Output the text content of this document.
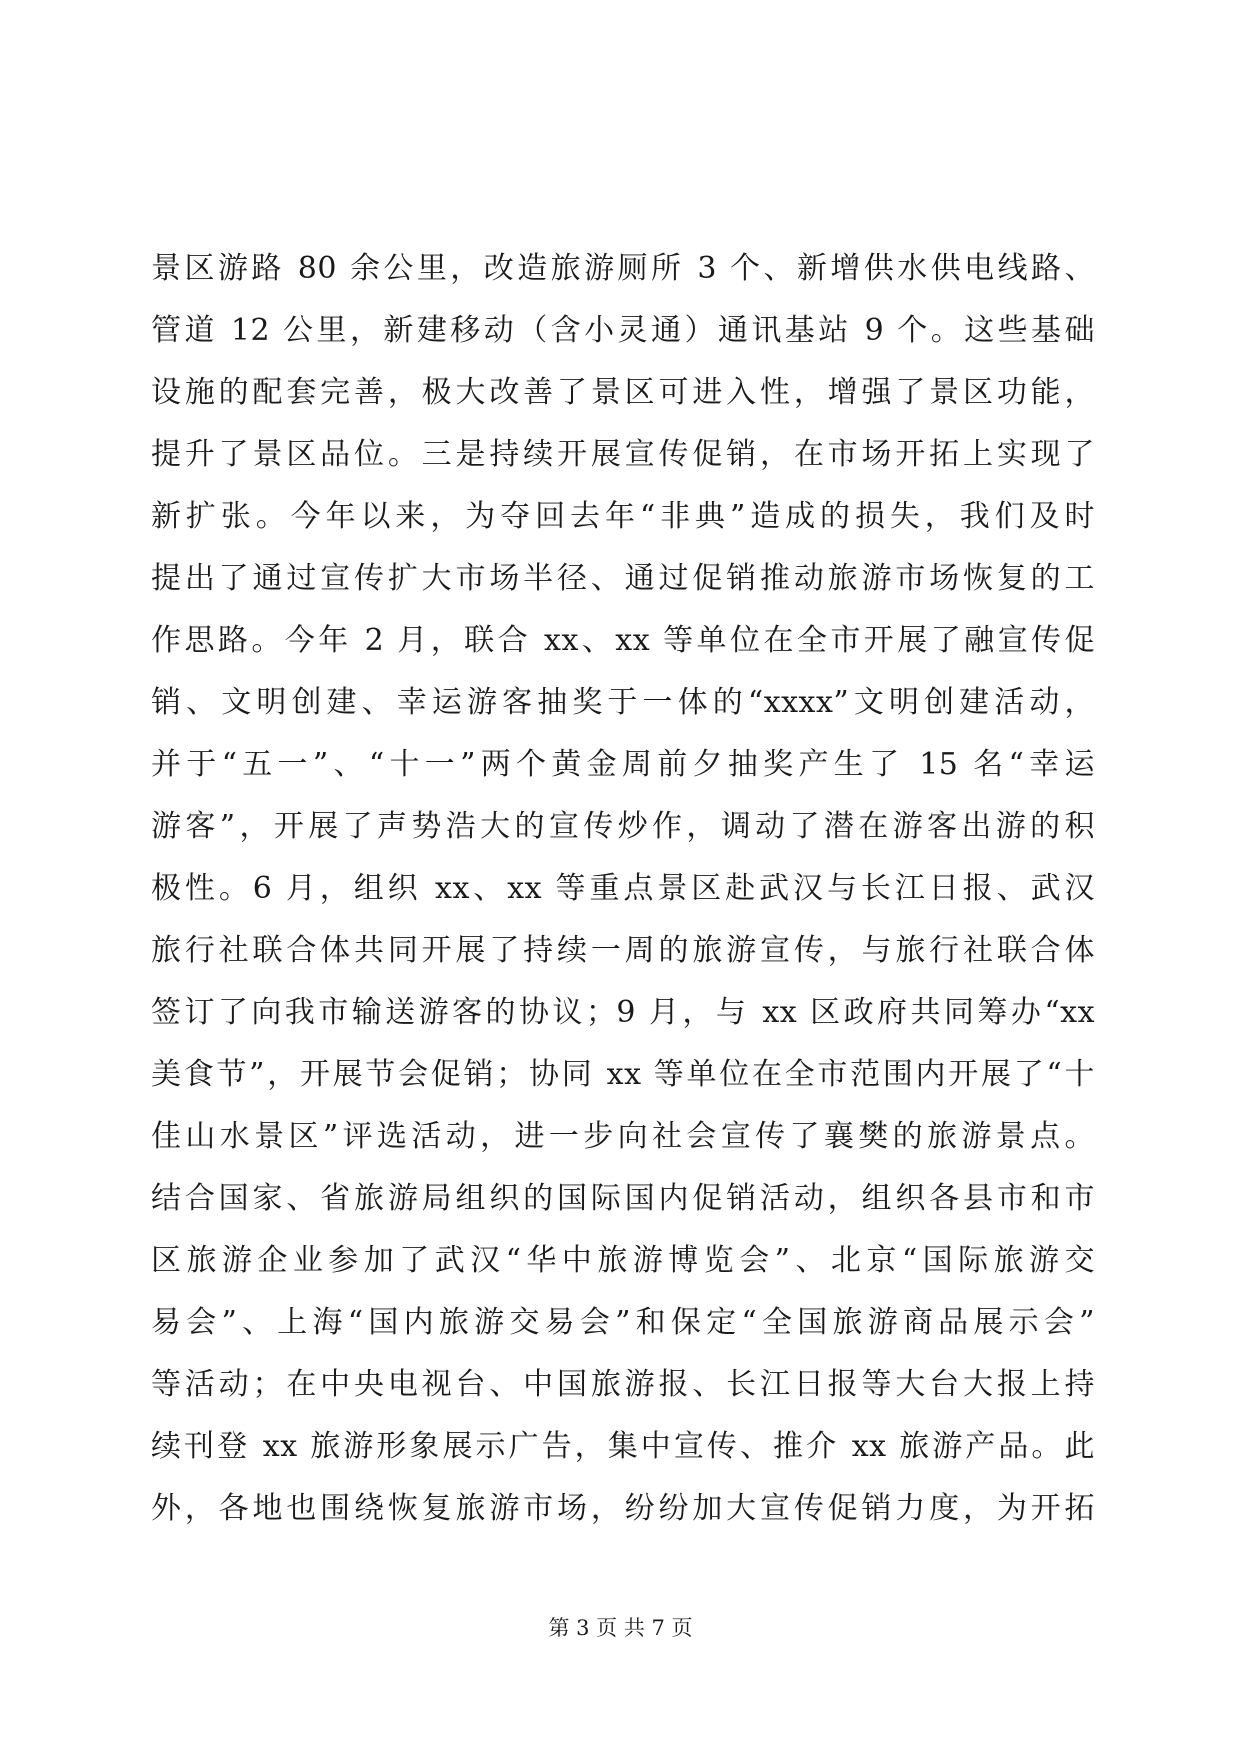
景区游路 80 余公里，改造旅游厕所 3 个、新增供水供电线路、
管道 12 公里，新建移动（含小灵通）通讯基站 9 个。这些基础
设施的配套完善，极大改善了景区可进入性，增强了景区功能，
提升了景区品位。三是持续开展宣传促销，在市场开拓上实现了
新扩张。今年以来，为夺回去年“非典”造成的损失，我们及时
提出了通过宣传扩大市场半径、通过促销推动旅游市场恢复的工
作思路。今年 2 月，联合 xx、xx 等单位在全市开展了融宣传促
销、文明创建、幸运游客抽奖于一体的“xxxx”文明创建活动，
并于“五一”、“十一”两个黄金周前夕抽奖产生了 15 名“幸运
游客”，开展了声势浩大的宣传炒作，调动了潜在游客出游的积
极性。6 月，组织 xx、xx 等重点景区赴武汉与长江日报、武汉
旅行社联合体共同开展了持续一周的旅游宣传，与旅行社联合体
签订了向我市输送游客的协议；9 月，与 xx 区政府共同筹办“xx
美食节”，开展节会促销；协同 xx 等单位在全市范围内开展了“十
佳山水景区”评选活动，进一步向社会宣传了襄樊的旅游景点。
结合国家、省旅游局组织的国际国内促销活动，组织各县市和市
区旅游企业参加了武汉“华中旅游博览会”、北京“国际旅游交
易会”、上海“国内旅游交易会”和保定“全国旅游商品展示会”
等活动；在中央电视台、中国旅游报、长江日报等大台大报上持
续刊登 xx 旅游形象展示广告，集中宣传、推介 xx 旅游产品。此
外，各地也围绕恢复旅游市场，纷纷加大宣传促销力度，为开拓
第 3 页 共 7 页
